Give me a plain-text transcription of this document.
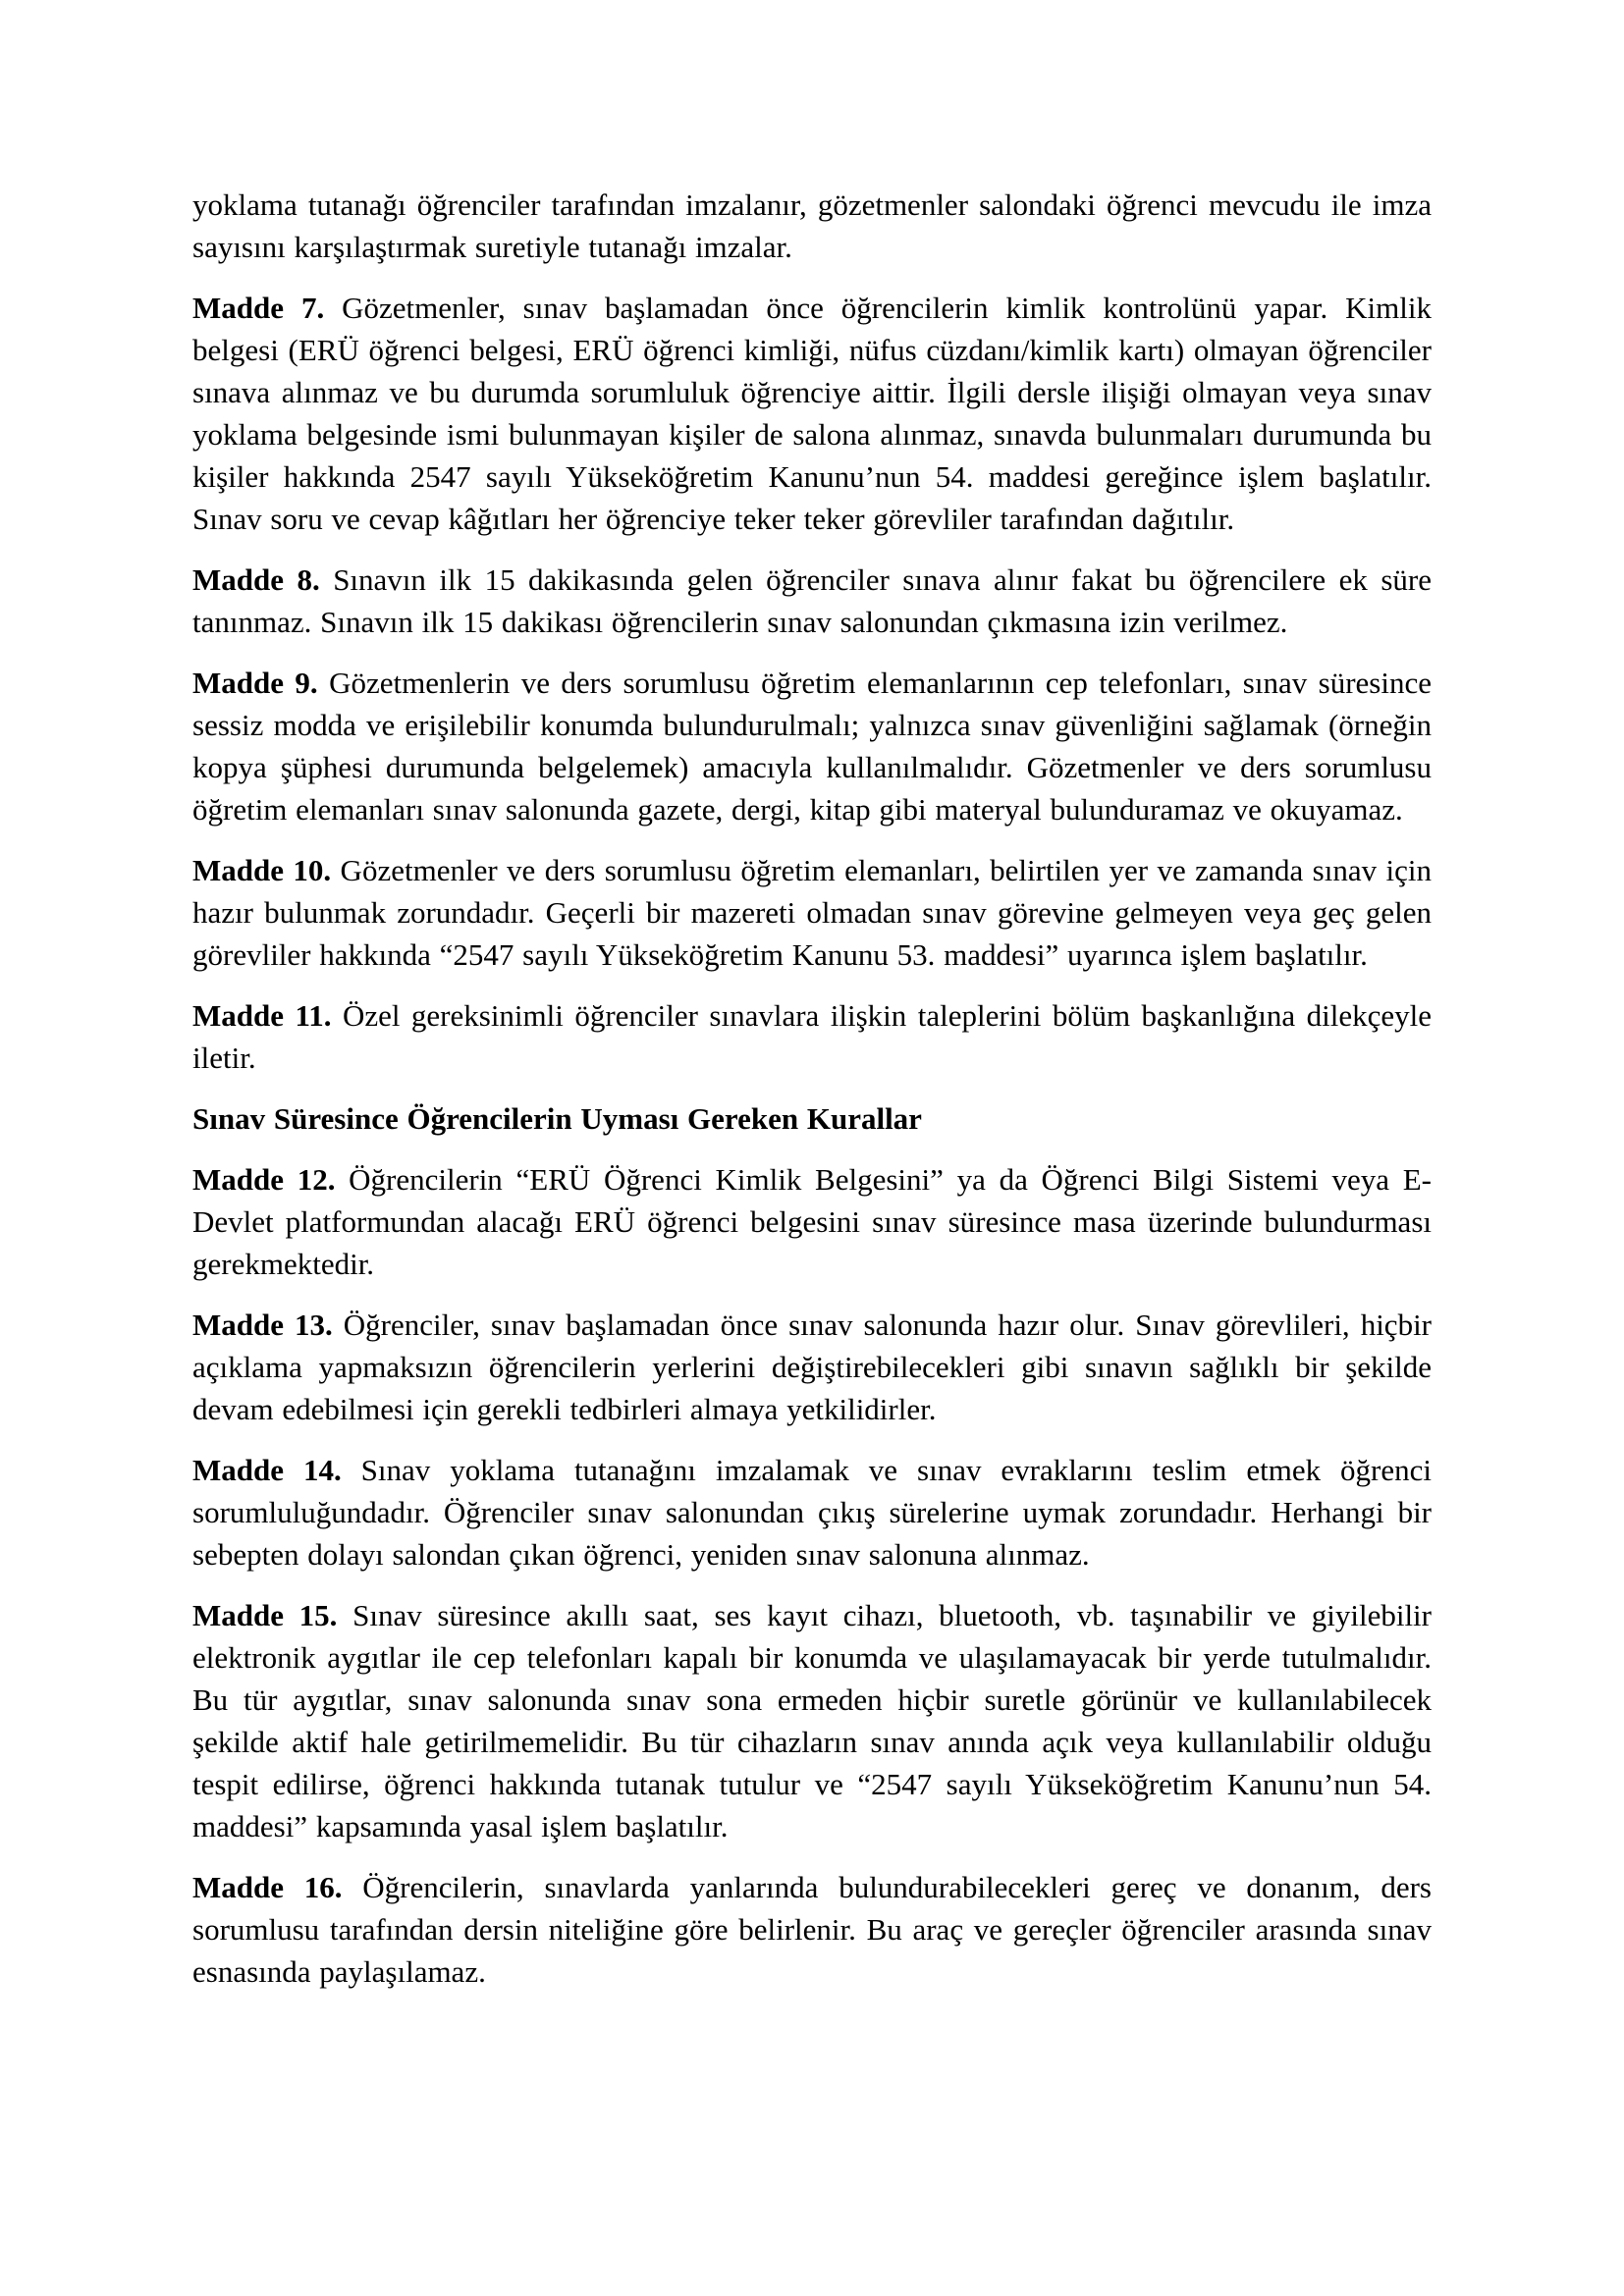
yoklama tutanağı öğrenciler tarafından imzalanır, gözetmenler salondaki öğrenci mevcudu ile imza sayısını karşılaştırmak suretiyle tutanağı imzalar.

Madde 7. Gözetmenler, sınav başlamadan önce öğrencilerin kimlik kontrolünü yapar. Kimlik belgesi (ERÜ öğrenci belgesi, ERÜ öğrenci kimliği, nüfus cüzdanı/kimlik kartı) olmayan öğrenciler sınava alınmaz ve bu durumda sorumluluk öğrenciye aittir. İlgili dersle ilişiği olmayan veya sınav yoklama belgesinde ismi bulunmayan kişiler de salona alınmaz, sınavda bulunmaları durumunda bu kişiler hakkında 2547 sayılı Yükseköğretim Kanunu’nun 54. maddesi gereğince işlem başlatılır. Sınav soru ve cevap kâğıtları her öğrenciye teker teker görevliler tarafından dağıtılır.

Madde 8. Sınavın ilk 15 dakikasında gelen öğrenciler sınava alınır fakat bu öğrencilere ek süre tanınmaz. Sınavın ilk 15 dakikası öğrencilerin sınav salonundan çıkmasına izin verilmez.

Madde 9. Gözetmenlerin ve ders sorumlusu öğretim elemanlarının cep telefonları, sınav süresince sessiz modda ve erişilebilir konumda bulundurulmalı; yalnızca sınav güvenliğini sağlamak (örneğin kopya şüphesi durumunda belgelemek) amacıyla kullanılmalıdır. Gözetmenler ve ders sorumlusu öğretim elemanları sınav salonunda gazete, dergi, kitap gibi materyal bulunduramaz ve okuyamaz.

Madde 10. Gözetmenler ve ders sorumlusu öğretim elemanları, belirtilen yer ve zamanda sınav için hazır bulunmak zorundadır. Geçerli bir mazereti olmadan sınav görevine gelmeyen veya geç gelen görevliler hakkında “2547 sayılı Yükseköğretim Kanunu 53. maddesi” uyarınca işlem başlatılır.

Madde 11. Özel gereksinimli öğrenciler sınavlara ilişkin taleplerini bölüm başkanlığına dilekçeyle iletir.

Sınav Süresince Öğrencilerin Uyması Gereken Kurallar

Madde 12. Öğrencilerin “ERÜ Öğrenci Kimlik Belgesini” ya da Öğrenci Bilgi Sistemi veya E-Devlet platformundan alacağı ERÜ öğrenci belgesini sınav süresince masa üzerinde bulundurması gerekmektedir.

Madde 13. Öğrenciler, sınav başlamadan önce sınav salonunda hazır olur. Sınav görevlileri, hiçbir açıklama yapmaksızın öğrencilerin yerlerini değiştirebilecekleri gibi sınavın sağlıklı bir şekilde devam edebilmesi için gerekli tedbirleri almaya yetkilidirler.

Madde 14. Sınav yoklama tutanağını imzalamak ve sınav evraklarını teslim etmek öğrenci sorumluluğundadır. Öğrenciler sınav salonundan çıkış sürelerine uymak zorundadır. Herhangi bir sebepten dolayı salondan çıkan öğrenci, yeniden sınav salonuna alınmaz.

Madde 15. Sınav süresince akıllı saat, ses kayıt cihazı, bluetooth, vb. taşınabilir ve giyilebilir elektronik aygıtlar ile cep telefonları kapalı bir konumda ve ulaşılamayacak bir yerde tutulmalıdır. Bu tür aygıtlar, sınav salonunda sınav sona ermeden hiçbir suretle görünür ve kullanılabilecek şekilde aktif hale getirilmemelidir. Bu tür cihazların sınav anında açık veya kullanılabilir olduğu tespit edilirse, öğrenci hakkında tutanak tutulur ve “2547 sayılı Yükseköğretim Kanunu’nun 54. maddesi” kapsamında yasal işlem başlatılır.

Madde 16. Öğrencilerin, sınavlarda yanlarında bulundurabilecekleri gereç ve donanım, ders sorumlusu tarafından dersin niteliğine göre belirlenir. Bu araç ve gereçler öğrenciler arasında sınav esnasında paylaşılamaz.
